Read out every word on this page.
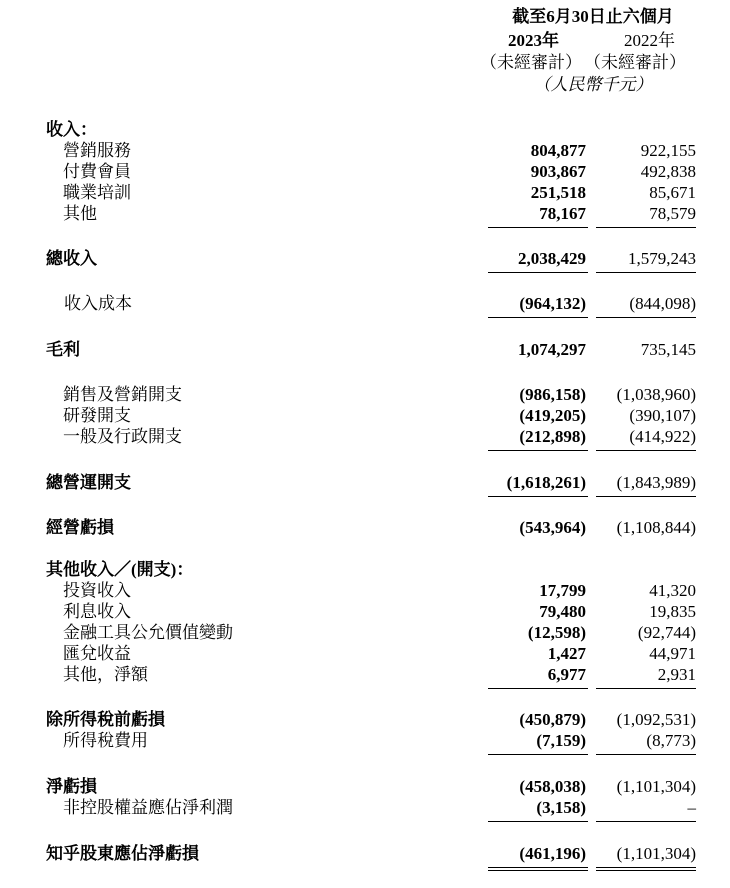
截至6月30日止六個月
2023年	2022年
（未經審計） （未經審計）
（人民幣千元）
收入：
營銷服務	804,877	922,155
付費會員	903,867	492,838
職業培訓	251,518	85,671
其他	78,167	78,579
總收入	2,038,429 1,579,243
收入成本	(964,132)	(844,098)
毛利	1,074,297	735,145
銷售及營銷開支	(986,158) (1,038,960)
研發開支	(419,205)	(390,107)
一般及行政開支	(212,898)	(414,922)
總營運開支	(1,618,261) (1,843,989)
經營虧損	(543,964) (1,108,844)
其他收入／(開支)：
投資收入	17,799	41,320
利息收入	79,480	19,835
金融工具公允價值變動	(12,598)	(92,744)
匯兌收益	1,427	44,971
其他，淨額	6,977	2,931
除所得稅前虧損	(450,879) (1,092,531)
所得稅費用	(7,159)	(8,773)
淨虧損	(458,038) (1,101,304)
非控股權益應佔淨利潤	(3,158)	–
知乎股東應佔淨虧損	(461,196) (1,101,304)
